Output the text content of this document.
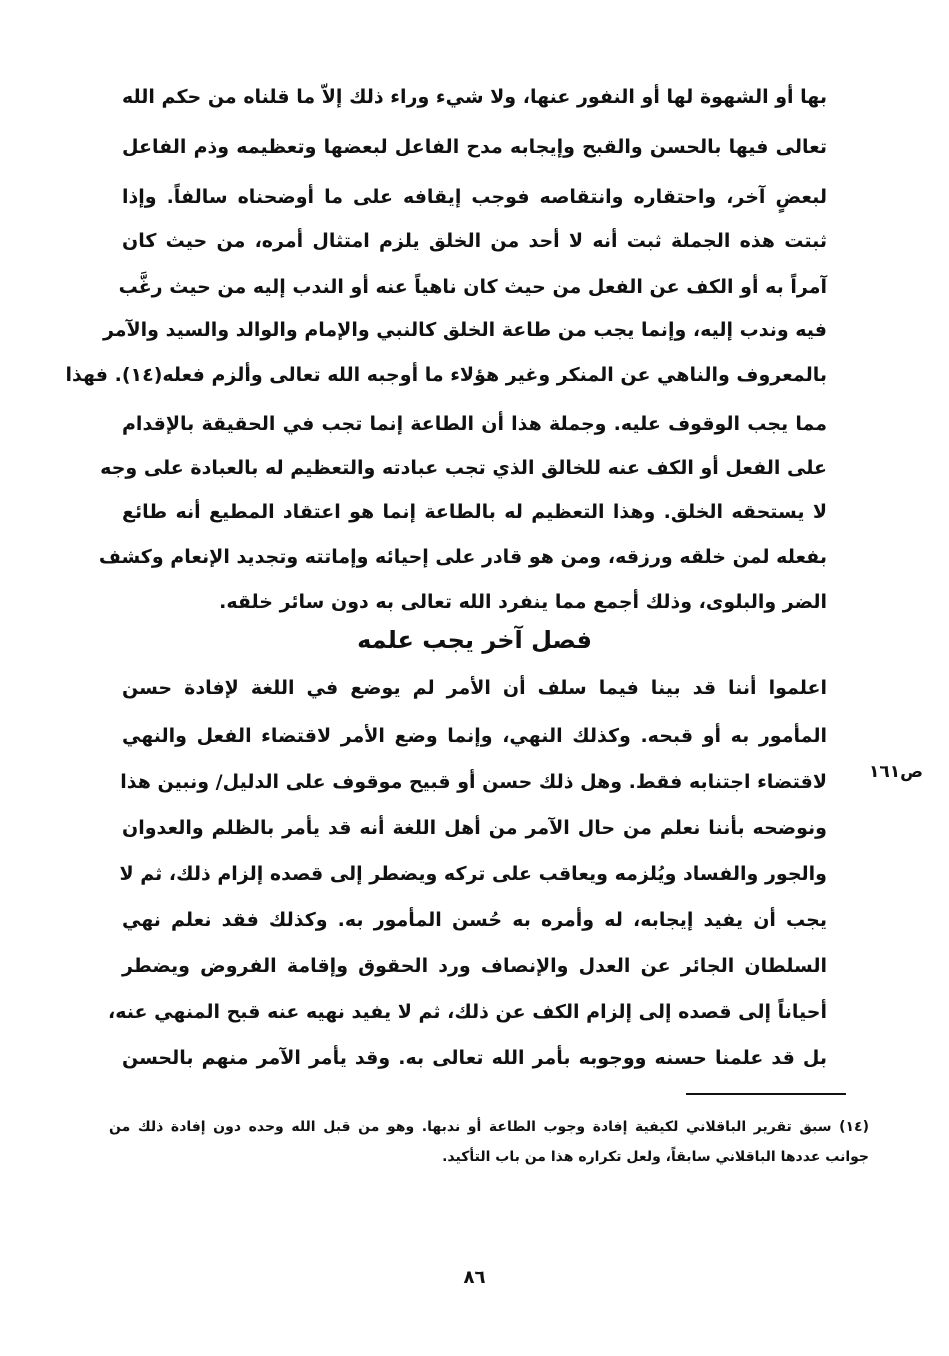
بها أو الشهوة لها أو النفور عنها، ولا شيء وراء ذلك إلاّ ما قلناه من حكم الله
تعالى فيها بالحسن والقبح وإيجابه مدح الفاعل لبعضها وتعظيمه وذم الفاعل
لبعضٍ آخر، واحتقاره وانتقاصه فوجب إيقافه على ما أوضحناه سالفاً. وإذا
ثبتت هذه الجملة ثبت أنه لا أحد من الخلق يلزم امتثال أمره، من حيث كان
آمراً به أو الكف عن الفعل من حيث كان ناهياً عنه أو الندب إليه من حيث رغَّب
فيه وندب إليه، وإنما يجب من طاعة الخلق كالنبي والإمام والوالد والسيد والآمر
بالمعروف والناهي عن المنكر وغير هؤلاء ما أوجبه الله تعالى وألزم فعله(١٤). فهذا
مما يجب الوقوف عليه. وجملة هذا أن الطاعة إنما تجب في الحقيقة بالإقدام
على الفعل أو الكف عنه للخالق الذي تجب عبادته والتعظيم له بالعبادة على وجه
لا يستحقه الخلق. وهذا التعظيم له بالطاعة إنما هو اعتقاد المطيع أنه طائع
بفعله لمن خلقه ورزقه، ومن هو قادر على إحيائه وإماتته وتجديد الإنعام وكشف
الضر والبلوى، وذلك أجمع مما ينفرد الله تعالى به دون سائر خلقه.
فصل آخر يجب علمه
اعلموا أننا قد بينا فيما سلف أن الأمر لم يوضع في اللغة لإفادة حسن
المأمور به أو قبحه. وكذلك النهي، وإنما وضع الأمر لاقتضاء الفعل والنهي
لاقتضاء اجتنابه فقط. وهل ذلك حسن أو قبيح موقوف على الدليل/ ونبين هذا
ونوضحه بأننا نعلم من حال الآمر من أهل اللغة أنه قد يأمر بالظلم والعدوان
والجور والفساد ويُلزمه ويعاقب على تركه ويضطر إلى قصده إلزام ذلك، ثم لا
يجب أن يفيد إيجابه، له وأمره به حُسن المأمور به. وكذلك فقد نعلم نهي
السلطان الجائر عن العدل والإنصاف ورد الحقوق وإقامة الفروض ويضطر
أحياناً إلى قصده إلى إلزام الكف عن ذلك، ثم لا يفيد نهيه عنه قبح المنهي عنه،
بل قد علمنا حسنه ووجوبه بأمر الله تعالى به. وقد يأمر الآمر منهم بالحسن
ص١٦١
(١٤) سبق تقرير الباقلاني لكيفية إفادة وجوب الطاعة أو ندبها. وهو من قبل الله وحده دون إفادة ذلك من
جوانب عددها الباقلاني سابقاً، ولعل تكراره هذا من باب التأكيد.
٨٦
